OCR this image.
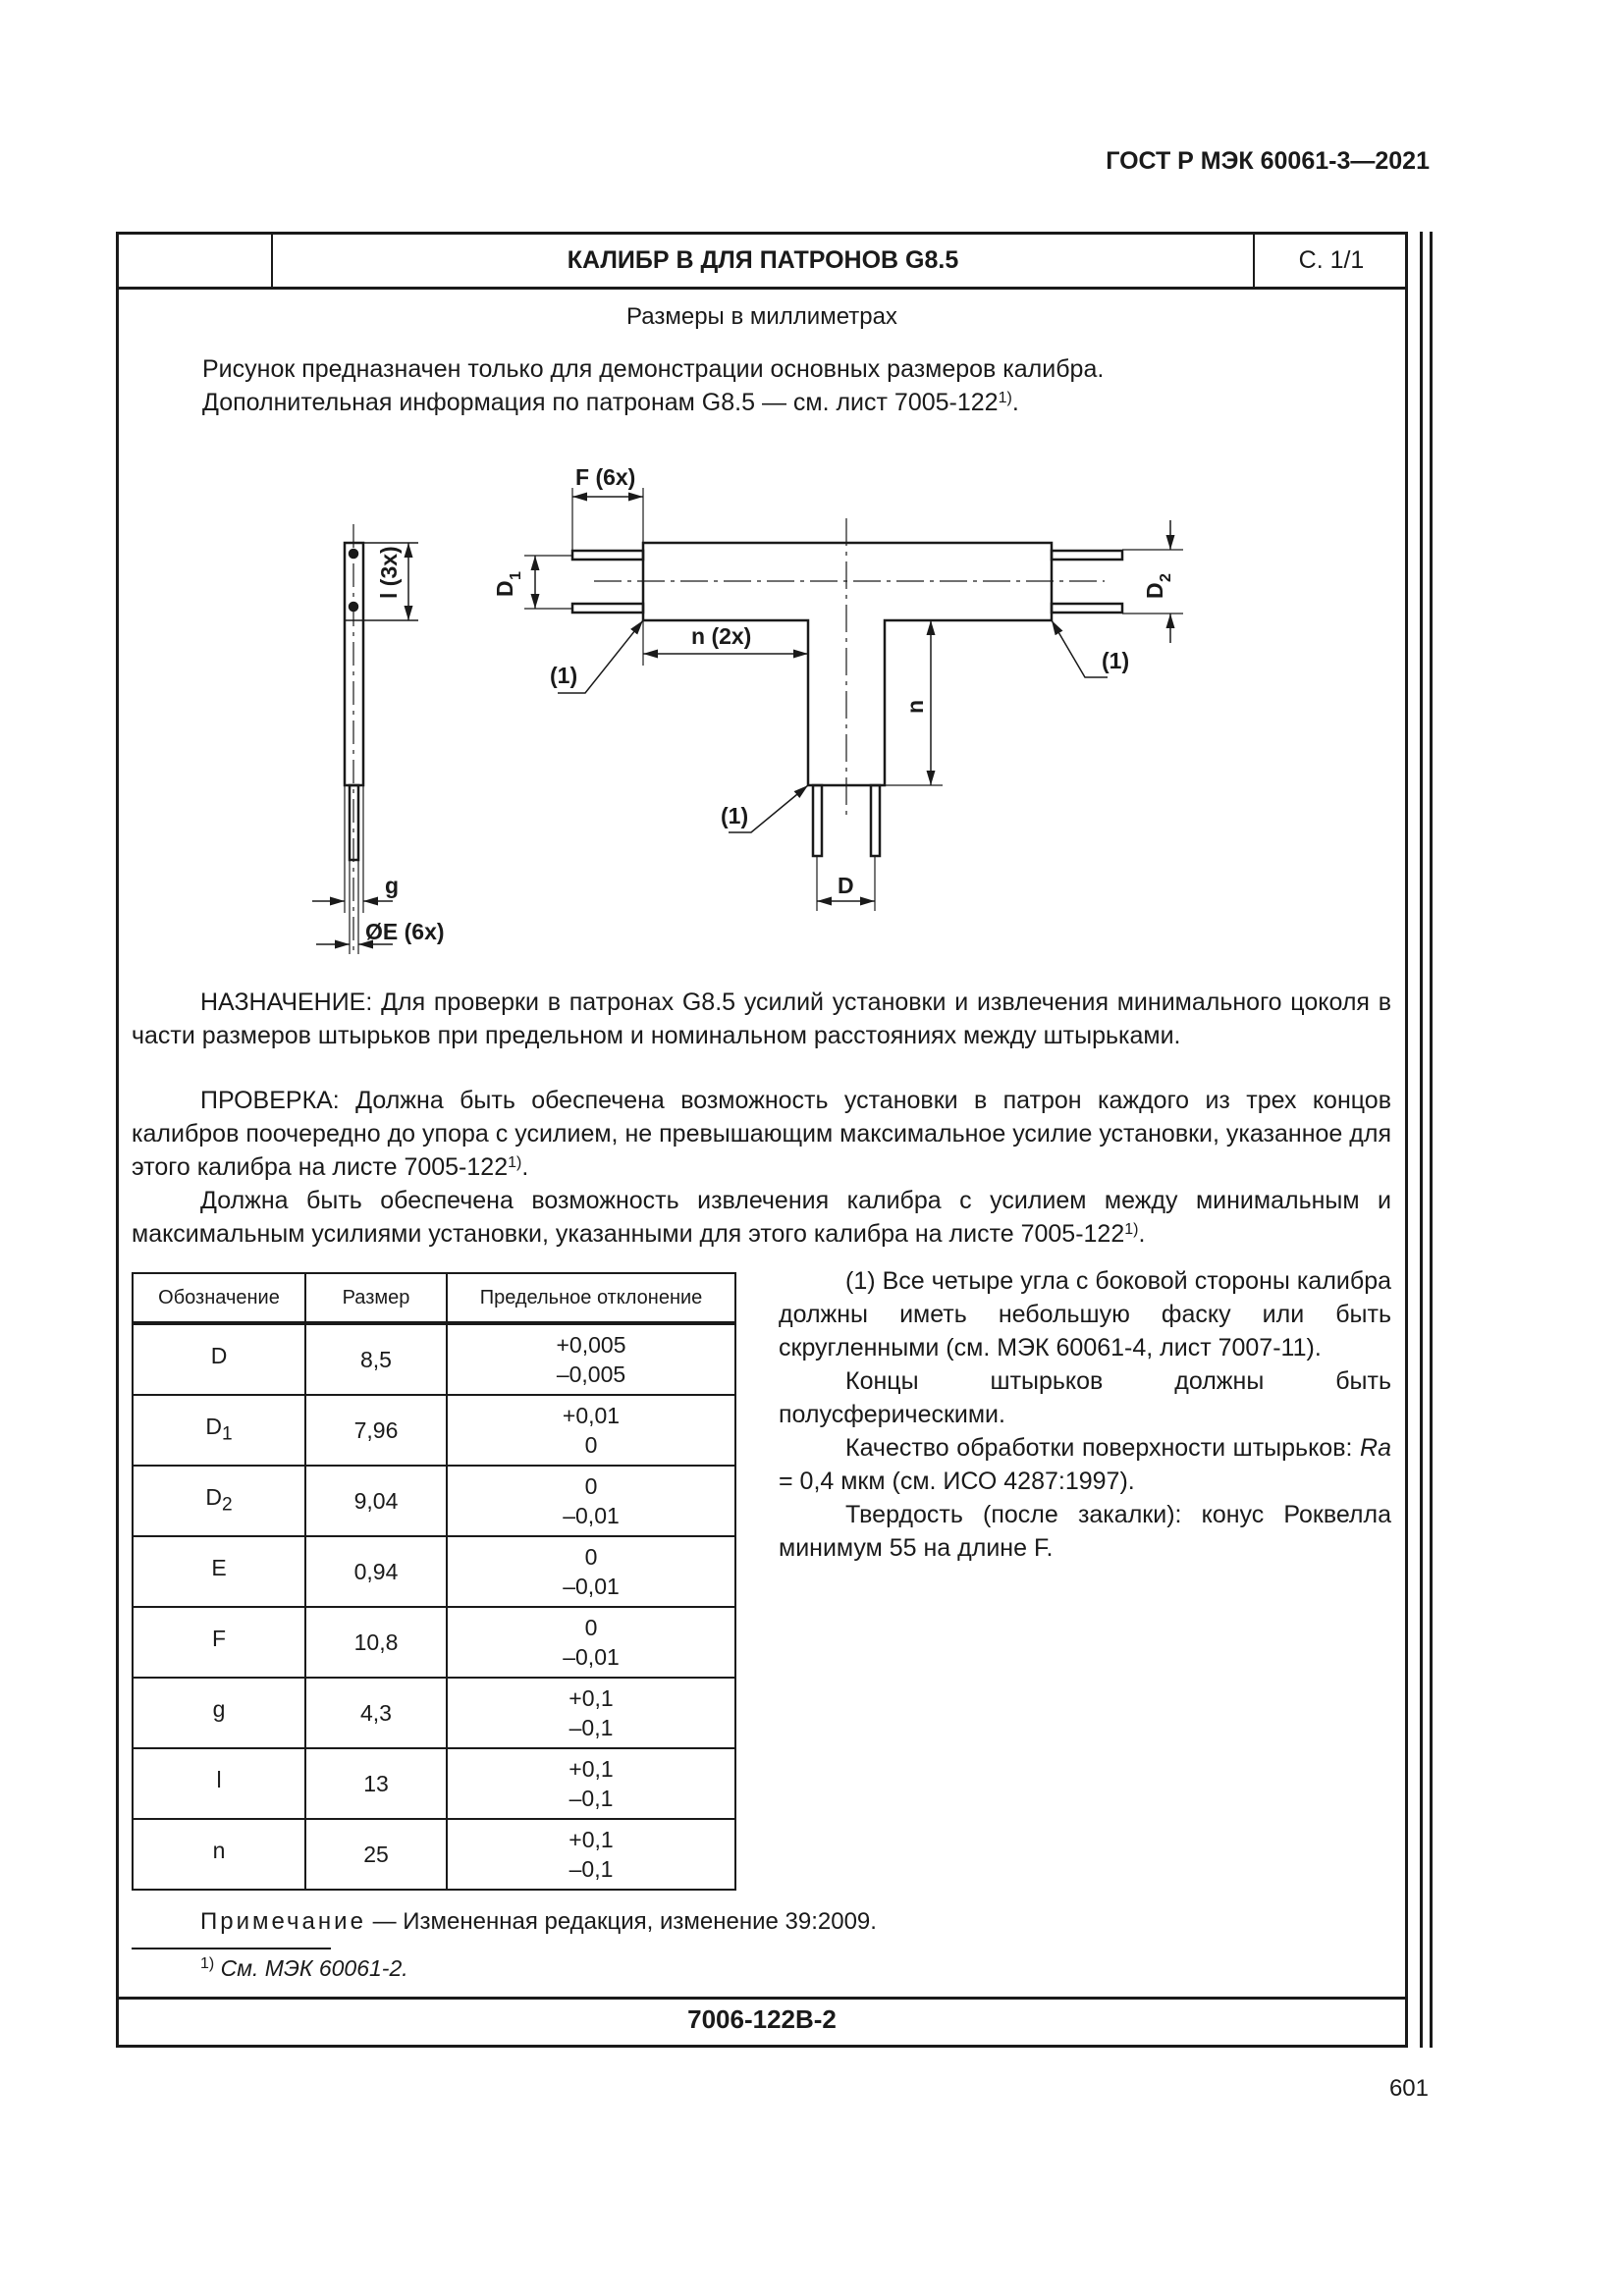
ГОСТ Р МЭК 60061-3—2021
КАЛИБР B ДЛЯ ПАТРОНОВ G8.5	С. 1/1
Размеры в миллиметрах
Рисунок предназначен только для демонстрации основных размеров калибра.
Дополнительная информация по патронам G8.5 — см. лист 7005-122$^{1)}$.
F (6x)
l (3x)	D
1
D
2
n (2x)
n
(1)
(1)
(1)
g
ØE (6x)
D
НАЗНАЧЕНИЕ: Для проверки в патронах G8.5 усилий установки и извлечения минимального цоколя в части размеров штырьков при предельном и номинальном расстояниях между штырьками.
ПРОВЕРКА: Должна быть обеспечена возможность установки в патрон каждого из трех концов калибров поочередно до упора с усилием, не превышающим максимальное усилие установки, указанное для этого калибра на листе 7005-122$^{1)}$.
Должна быть обеспечена возможность извлечения калибра с усилием между минимальным и максимальным усилиями установки, указанными для этого калибра на листе 7005-122$^{1)}$.
Обозначение	Размер	Предельное отклонение
D	8,5	+0,005
–0,005

$D_1$	7,96	+0,01
0

$D_2$	9,04	0
–0,01

E	0,94	0
–0,01

F	10,8	0
–0,01

g	4,3	+0,1
–0,1

l	13	+0,1
–0,1

n	25	+0,1
–0,1

(1) Все четыре угла с боковой стороны калибра должны иметь небольшую фаску или быть скругленными (см. МЭК 60061-4, лист 7007-11).

Концы штырьков должны быть полусферическими.

Качество обработки поверхности штырьков: Ra = 0,4 мкм (см. ИСО 4287:1997).

Твердость (после закалки): конус Роквелла минимум 55 на длине F.

Примечание — Измененная редакция, изменение 39:2009.
$^{1)}$ См. МЭК 60061-2.
7006-122B-2
601
